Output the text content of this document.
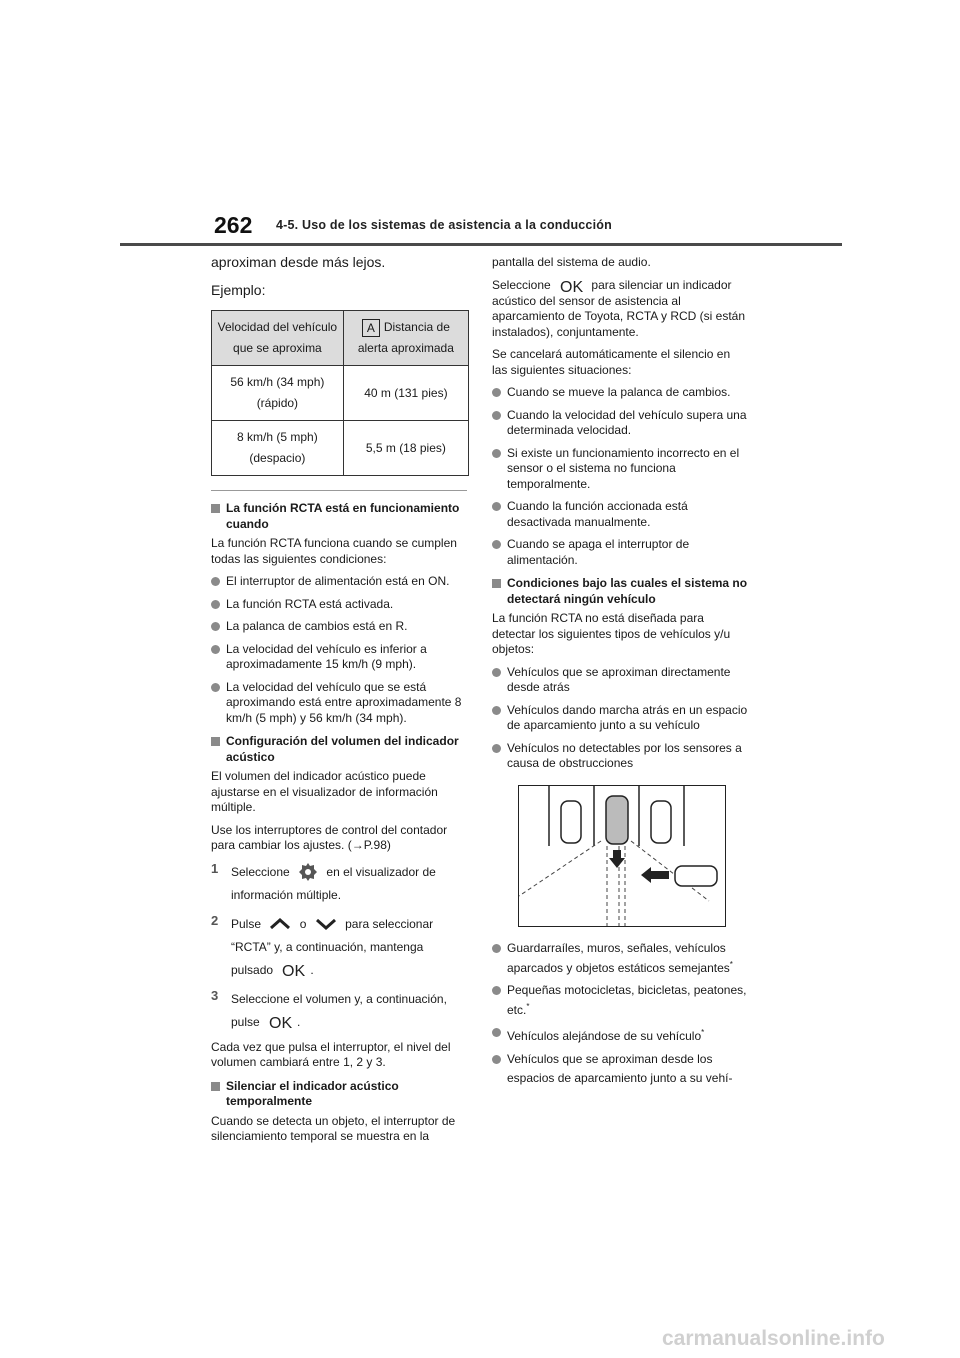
262 4-5. Uso de los sistemas de asistencia a la conducción

aproximan desde más lejos.

Ejemplo:

Velocidad del vehículo que se aproxima	A Distancia de alerta aproximada
56 km/h (34 mph) (rápido)	40 m (131 pies)
8 km/h (5 mph) (despacio)	5,5 m (18 pies)
La función RCTA está en funcionamiento cuando

La función RCTA funciona cuando se cumplen todas las siguientes condiciones:

El interruptor de alimentación está en ON.
La función RCTA está activada.
La palanca de cambios está en R.
La velocidad del vehículo es inferior a aproximadamente 15 km/h (9 mph).
La velocidad del vehículo que se está aproximando está entre aproximadamente 8 km/h (5 mph) y 56 km/h (34 mph).
Configuración del volumen del indicador acústico

El volumen del indicador acústico puede ajustarse en el visualizador de información múltiple.

Use los interruptores de control del contador para cambiar los ajustes. (→P.98)

1	Seleccione	en el visualizador de información múltiple.
2	Pulse	o	para seleccionar “RCTA” y, a continuación, mantenga pulsado OK .
3	Seleccione el volumen y, a continuación, pulse OK .

Cada vez que pulsa el interruptor, el nivel del volumen cambiará entre 1, 2 y 3.

Silenciar el indicador acústico temporalmente

Cuando se detecta un objeto, el interruptor de silenciamiento temporal se muestra en la

pantalla del sistema de audio.

Seleccione OK para silenciar un indicador acústico del sensor de asistencia al aparcamiento de Toyota, RCTA y RCD (si están instalados), conjuntamente.

Se cancelará automáticamente el silencio en las siguientes situaciones:

Cuando se mueve la palanca de cambios.
Cuando la velocidad del vehículo supera una determinada velocidad.
Si existe un funcionamiento incorrecto en el sensor o el sistema no funciona temporalmente.
Cuando la función accionada está desactivada manualmente.
Cuando se apaga el interruptor de alimentación.
Condiciones bajo las cuales el sistema no detectará ningún vehículo

La función RCTA no está diseñada para detectar los siguientes tipos de vehículos y/u objetos:

Vehículos que se aproximan directamente desde atrás
Vehículos dando marcha atrás en un espacio de aparcamiento junto a su vehículo
Vehículos no detectables por los sensores a causa de obstrucciones
Guardarraíles, muros, señales, vehículos aparcados y objetos estáticos semejantes*
Pequeñas motocicletas, bicicletas, peatones, etc.*
Vehículos alejándose de su vehículo*
Vehículos que se aproximan desde los espacios de aparcamiento junto a su vehí-
carmanualsonline.info
